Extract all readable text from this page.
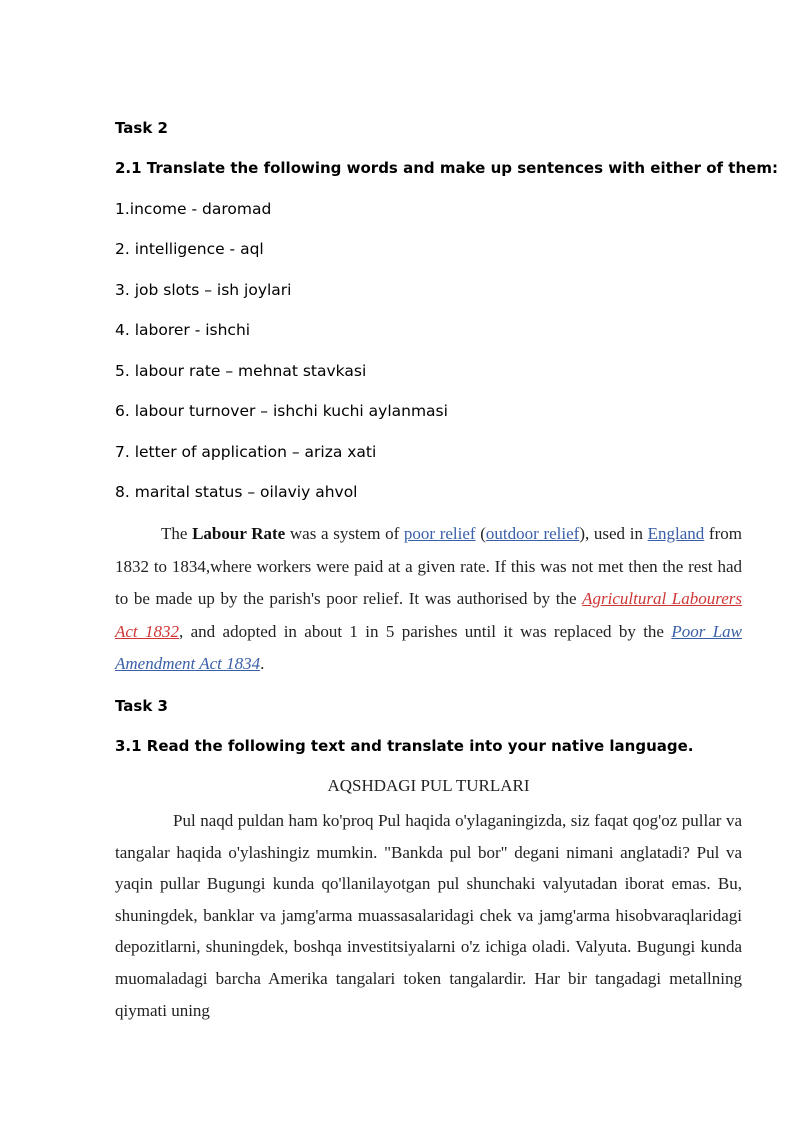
Task 2
2.1 Translate the following words and make up sentences with either of them:
1.income - daromad
2. intelligence - aql
3. job slots – ish joylari
4. laborer - ishchi
5. labour rate – mehnat stavkasi
6. labour turnover – ishchi kuchi aylanmasi
7. letter of application – ariza xati
8. marital status – oilaviy ahvol
The Labour Rate was a system of poor relief (outdoor relief), used in England from 1832 to 1834,where workers were paid at a given rate. If this was not met then the rest had to be made up by the parish's poor relief. It was authorised by the Agricultural Labourers Act 1832, and adopted in about 1 in 5 parishes until it was replaced by the Poor Law Amendment Act 1834.
Task 3
3.1 Read the following text and translate into your native language.
AQSHDAGI PUL TURLARI
Pul naqd puldan ham ko'proq Pul haqida o'ylaganingizda, siz faqat qog'oz pullar va tangalar haqida o'ylashingiz mumkin. "Bankda pul bor" degani nimani anglatadi? Pul va yaqin pullar Bugungi kunda qo'llanilayotgan pul shunchaki valyutadan iborat emas. Bu, shuningdek, banklar va jamg'arma muassasalaridagi chek va jamg'arma hisobvaraqlaridagi depozitlarni, shuningdek, boshqa investitsiyalarni o'z ichiga oladi. Valyuta. Bugungi kunda muomaladagi barcha Amerika tangalari token tangalardir. Har bir tangadagi metallning qiymati uning
